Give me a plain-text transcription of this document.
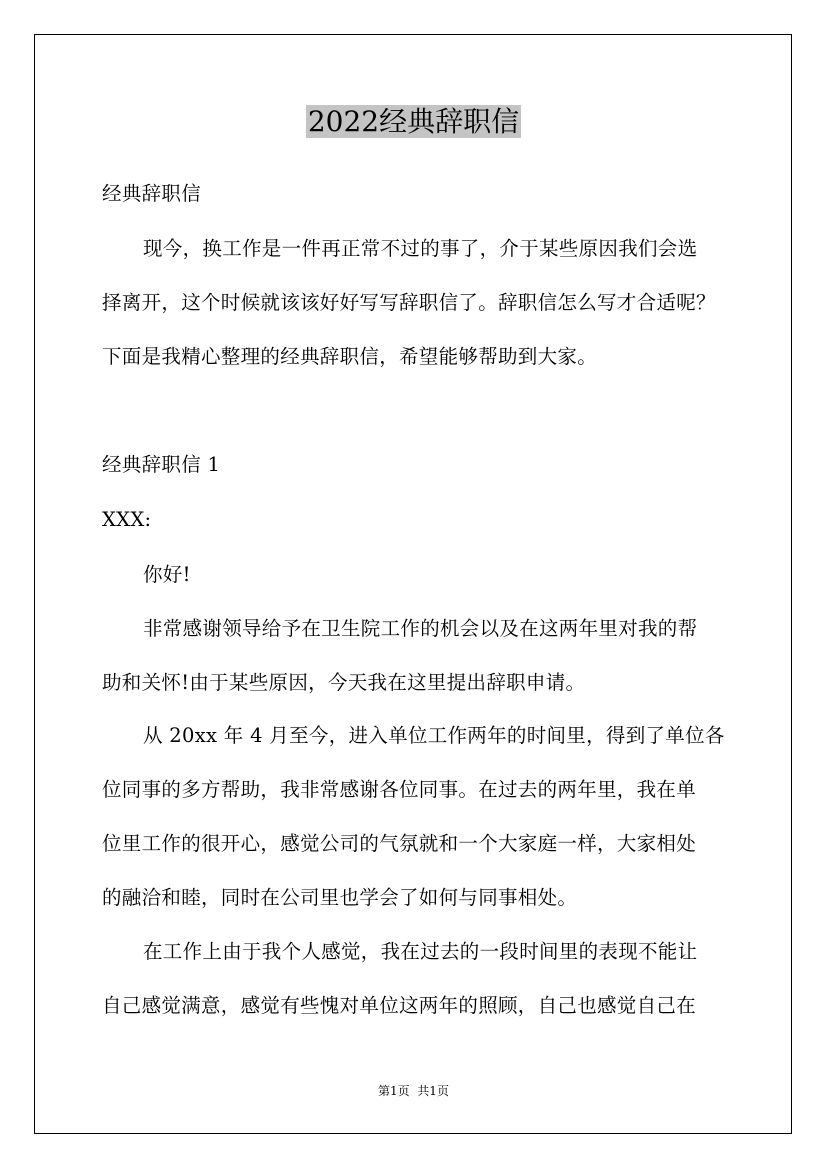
2022经典辞职信
经典辞职信
现今，换工作是一件再正常不过的事了，介于某些原因我们会选
择离开，这个时候就该该好好写写辞职信了。辞职信怎么写才合适呢？
下面是我精心整理的经典辞职信，希望能够帮助到大家。
经典辞职信 1
XXX:
你好!
非常感谢领导给予在卫生院工作的机会以及在这两年里对我的帮
助和关怀!由于某些原因，今天我在这里提出辞职申请。
从 20xx 年 4 月至今，进入单位工作两年的时间里，得到了单位各
位同事的多方帮助，我非常感谢各位同事。在过去的两年里，我在单
位里工作的很开心，感觉公司的气氛就和一个大家庭一样，大家相处
的融洽和睦，同时在公司里也学会了如何与同事相处。
在工作上由于我个人感觉，我在过去的一段时间里的表现不能让
自己感觉满意，感觉有些愧对单位这两年的照顾，自己也感觉自己在
第1页  共1页
